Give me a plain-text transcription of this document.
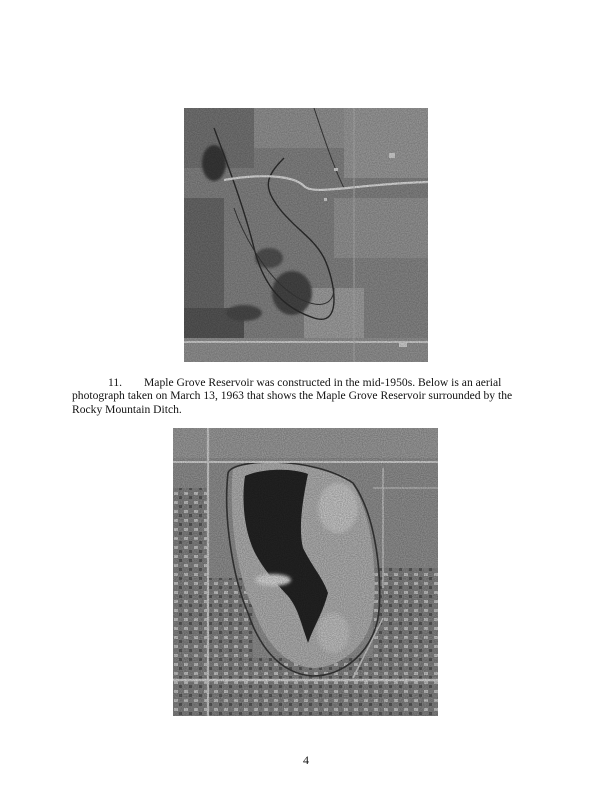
11. Maple Grove Reservoir was constructed in the mid-1950s. Below is an aerial photograph taken on March 13, 1963 that shows the Maple Grove Reservoir surrounded by the Rocky Mountain Ditch.

4
